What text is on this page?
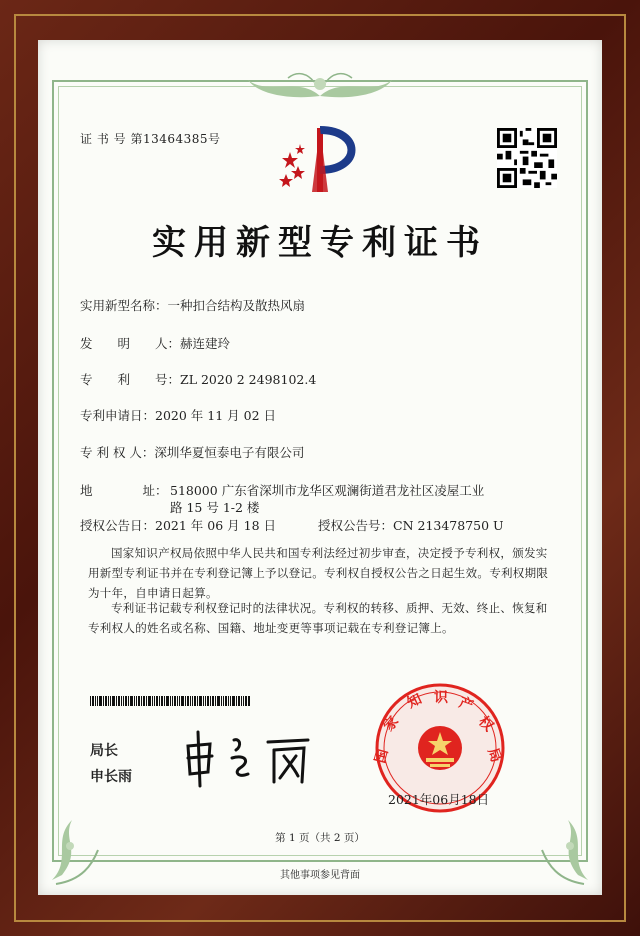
证 书 号 第13464385号
实用新型专利证书
实用新型名称：一种扣合结构及散热风扇
发　　明　　人：赫连建玲
专　　利　　号：ZL 2020 2 2498102.4
专利申请日：2020 年 11 月 02 日
专 利 权 人：深圳华夏恒泰电子有限公司
地　　　　址： 518000 广东省深圳市龙华区观澜街道君龙社区凌屋工业
路 15 号 1-2 楼
授权公告日：2021 年 06 月 18 日	授权公告号：CN 213478750 U
国家知识产权局依照中华人民共和国专利法经过初步审查，决定授予专利权，颁发实用新型专利证书并在专利登记簿上予以登记。专利权自授权公告之日起生效。专利权期限为十年，自申请日起算。
专利证书记载专利权登记时的法律状况。专利权的转移、质押、无效、终止、恢复和专利权人的姓名或名称、国籍、地址变更等事项记载在专利登记簿上。
局长
申长雨
国
家
知 识 产
权
局
2021年06月18日
第 1 页（共 2 页）
其他事项参见背面
